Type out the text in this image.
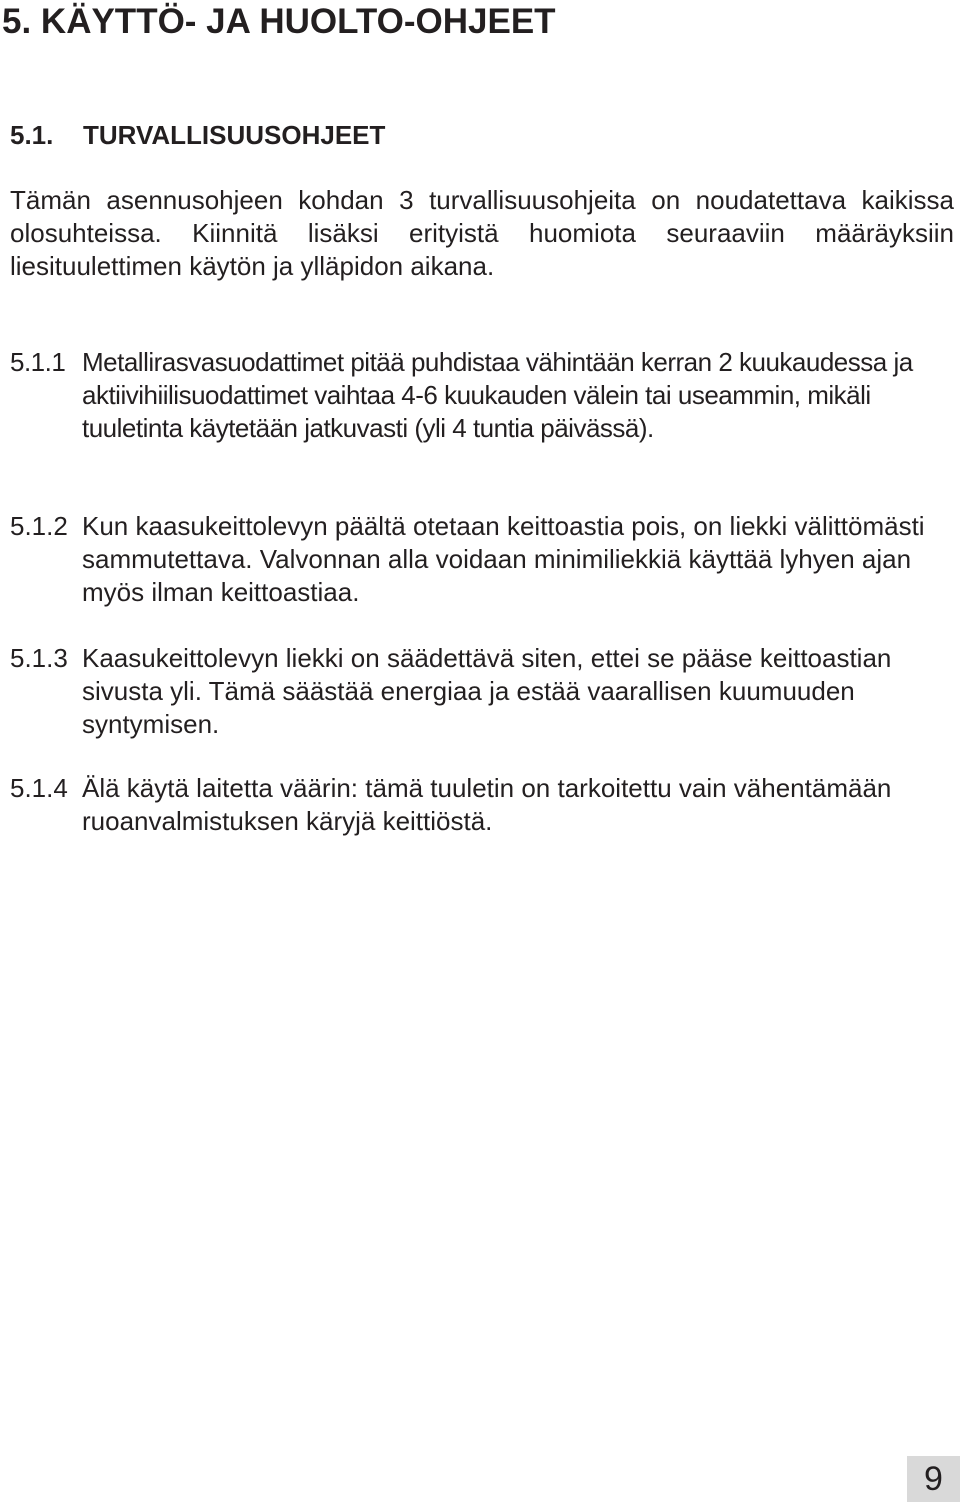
5. KÄYTTÖ- JA HUOLTO-OHJEET
5.1. TURVALLISUUSOHJEET

Tämän asennusohjeen kohdan 3 turvallisuusohjeita on noudatettava kaikissa olosuhteissa. Kiinnitä lisäksi erityistä huomiota seuraaviin määräyksiin liesituulettimen käytön ja ylläpidon aikana.

5.1.1 Metallirasvasuodattimet pitää puhdistaa vähintään kerran 2 kuukaudessa ja aktiivihiilisuodattimet vaihtaa 4-6 kuukauden välein tai useammin, mikäli tuuletinta käytetään jatkuvasti (yli 4 tuntia päivässä).

5.1.2 Kun kaasukeittolevyn päältä otetaan keittoastia pois, on liekki välittömästi sammutettava. Valvonnan alla voidaan minimiliekkiä käyttää lyhyen ajan myös ilman keittoastiaa.

5.1.3 Kaasukeittolevyn liekki on säädettävä siten, ettei se pääse keittoastian sivusta yli. Tämä säästää energiaa ja estää vaarallisen kuumuuden syntymisen.

5.1.4 Älä käytä laitetta väärin: tämä tuuletin on tarkoitettu vain vähentämään ruoanvalmistuksen käryjä keittiöstä.

9
